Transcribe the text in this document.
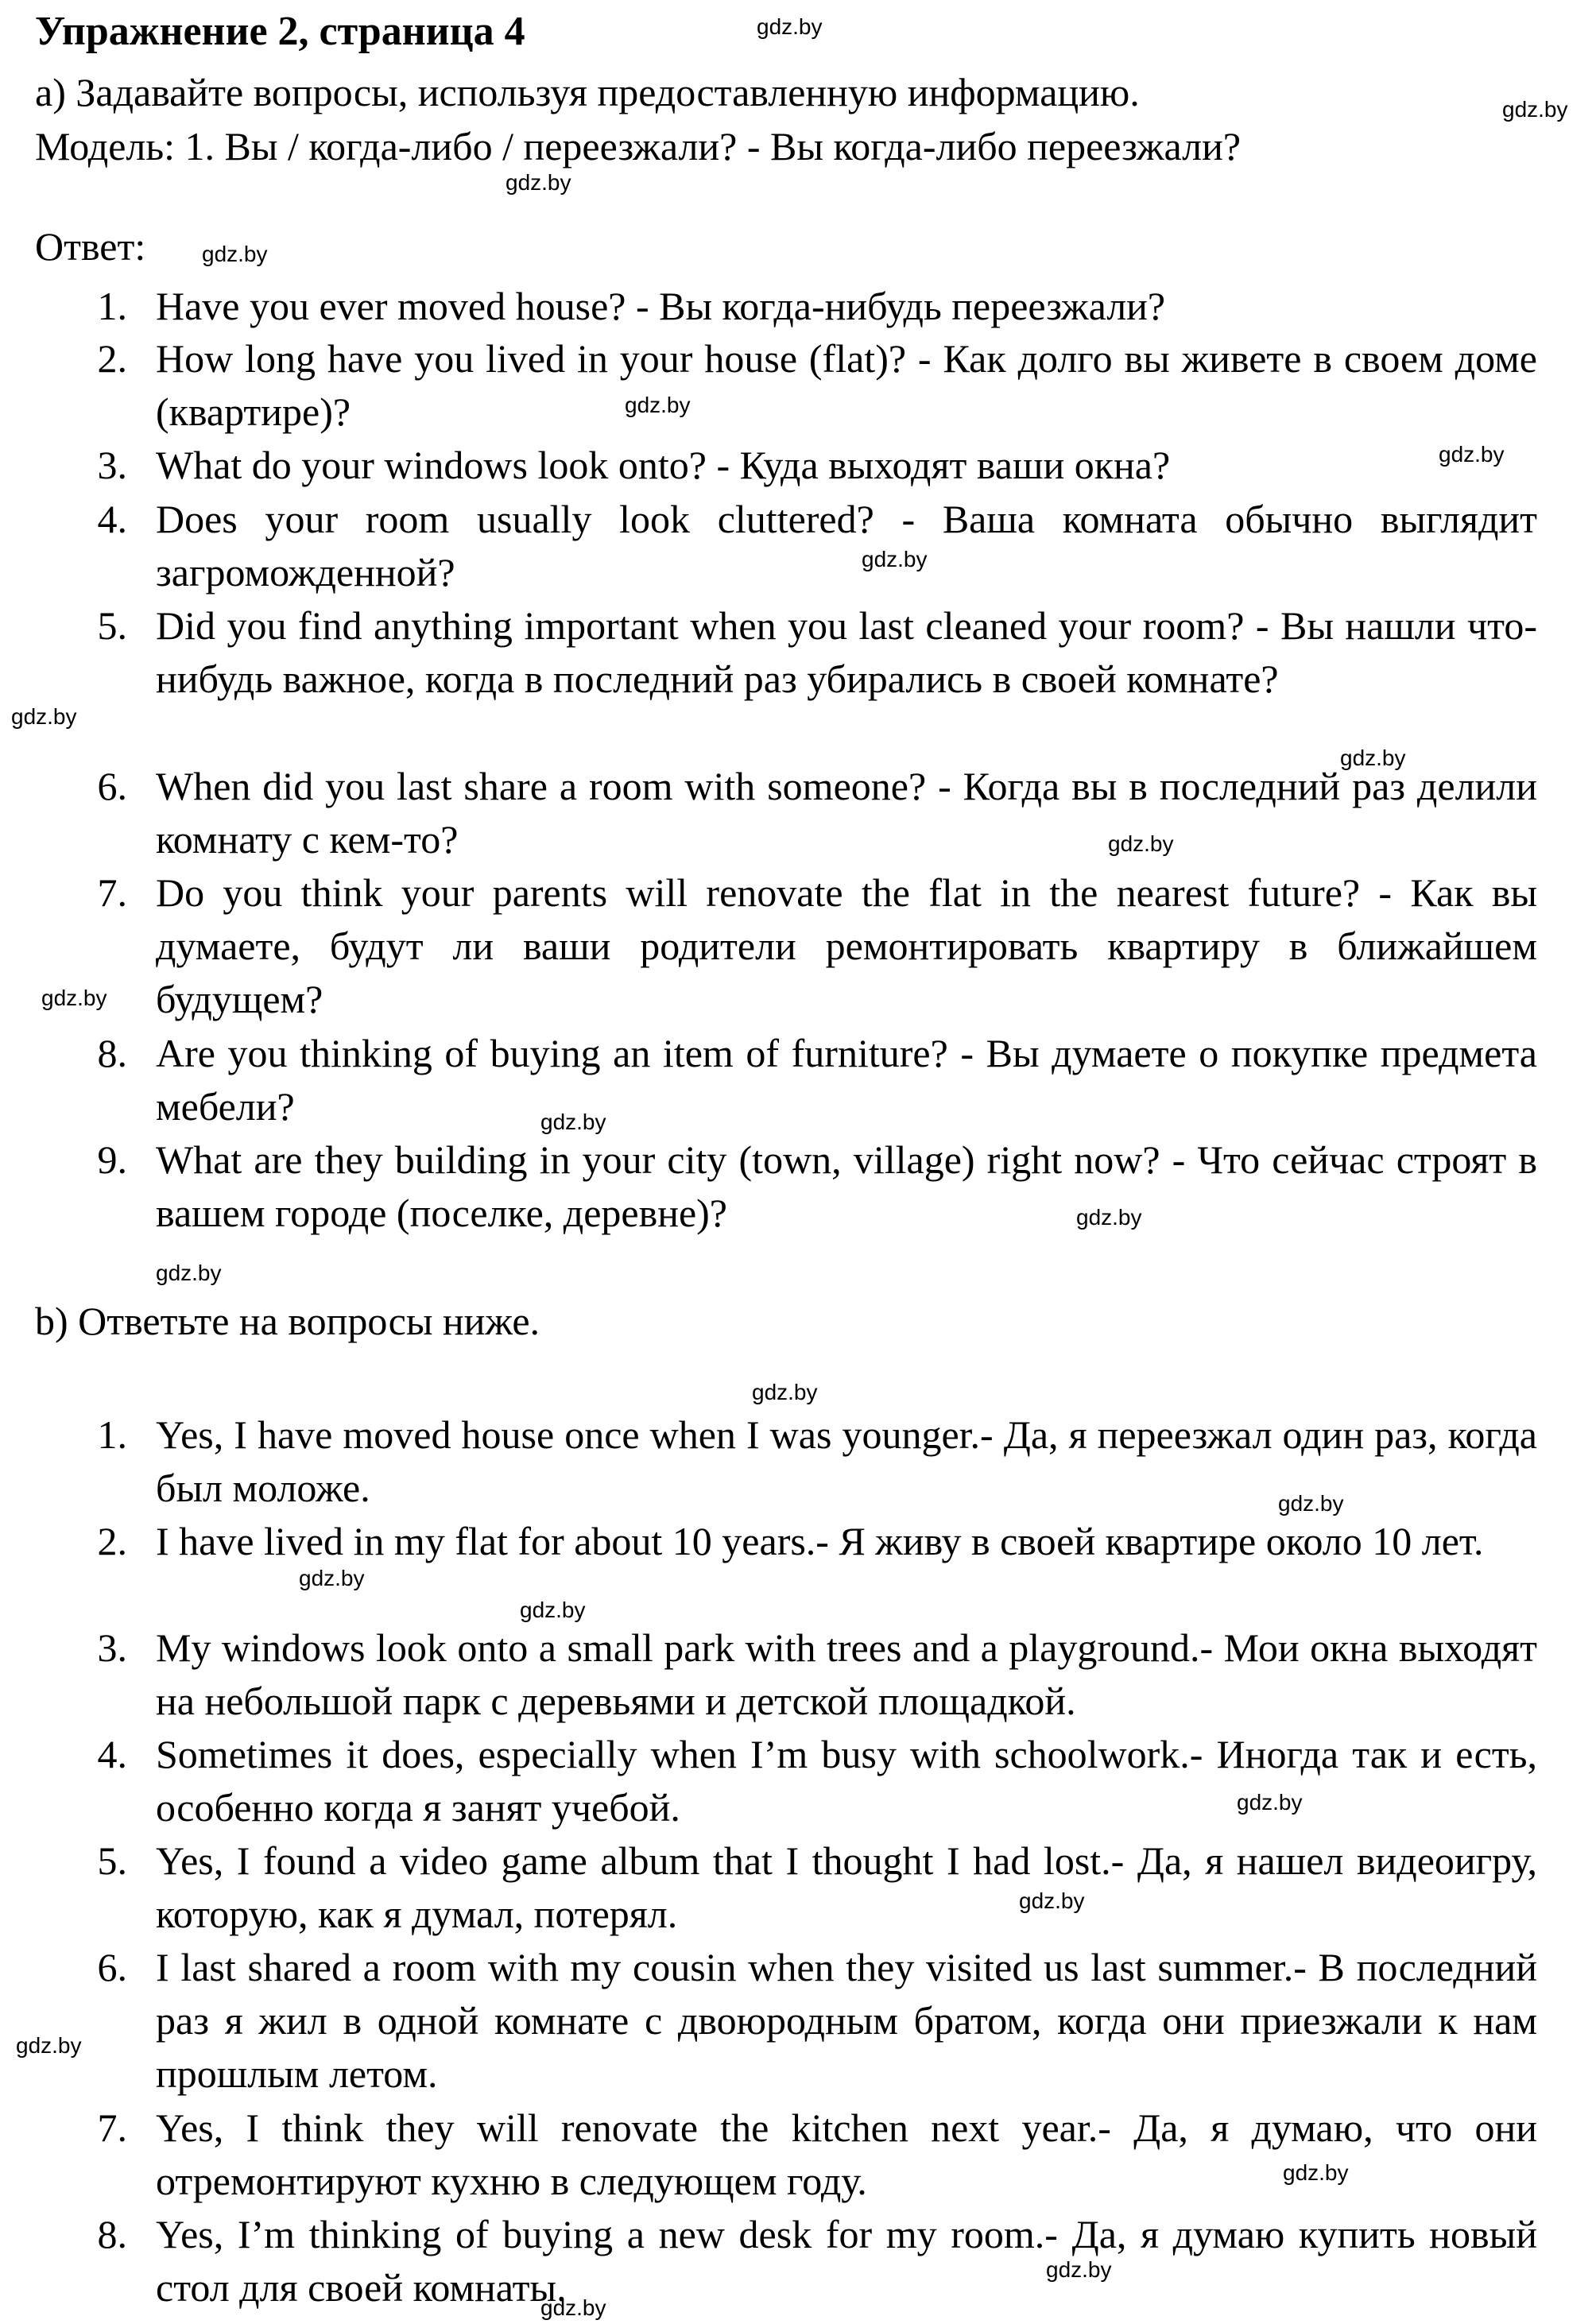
Упражнение 2, страница 4
a) Задавайте вопросы, используя предоставленную информацию.
Модель: 1. Вы / когда-либо / переезжали? - Вы когда-либо переезжали?
Ответ:
1. Have you ever moved house? - Вы когда-нибудь переезжали?
2. How long have you lived in your house (flat)? - Как долго вы живете в своем доме (квартире)?
3. What do your windows look onto? - Куда выходят ваши окна?
4. Does your room usually look cluttered? - Ваша комната обычно выглядит загроможденной?
5. Did you find anything important when you last cleaned your room? - Вы нашли что-нибудь важное, когда в последний раз убирались в своей комнате?
6. When did you last share a room with someone? - Когда вы в последний раз делили комнату с кем-то?
7. Do you think your parents will renovate the flat in the nearest future? - Как вы думаете, будут ли ваши родители ремонтировать квартиру в ближайшем будущем?
8. Are you thinking of buying an item of furniture? - Вы думаете о покупке предмета мебели?
9. What are they building in your city (town, village) right now? - Что сейчас строят в вашем городе (поселке, деревне)?
b) Ответьте на вопросы ниже.
1. Yes, I have moved house once when I was younger.- Да, я переезжал один раз, когда был моложе.
2. I have lived in my flat for about 10 years.- Я живу в своей квартире около 10 лет.
3. My windows look onto a small park with trees and a playground.- Мои окна выходят на небольшой парк с деревьями и детской площадкой.
4. Sometimes it does, especially when I’m busy with schoolwork.- Иногда так и есть, особенно когда я занят учебой.
5. Yes, I found a video game album that I thought I had lost.- Да, я нашел видеоигру, которую, как я думал, потерял.
6. I last shared a room with my cousin when they visited us last summer.- В последний раз я жил в одной комнате с двоюродным братом, когда они приезжали к нам прошлым летом.
7. Yes, I think they will renovate the kitchen next year.- Да, я думаю, что они отремонтируют кухню в следующем году.
8. Yes, I’m thinking of buying a new desk for my room.- Да, я думаю купить новый стол для своей комнаты.
gdz.by
gdz.by
gdz.by
gdz.by
gdz.by
gdz.by
gdz.by
gdz.by
gdz.by
gdz.by
gdz.by
gdz.by
gdz.by
gdz.by
gdz.by
gdz.by
gdz.by
gdz.by
gdz.by
gdz.by
gdz.by
gdz.by
gdz.by
gdz.by
